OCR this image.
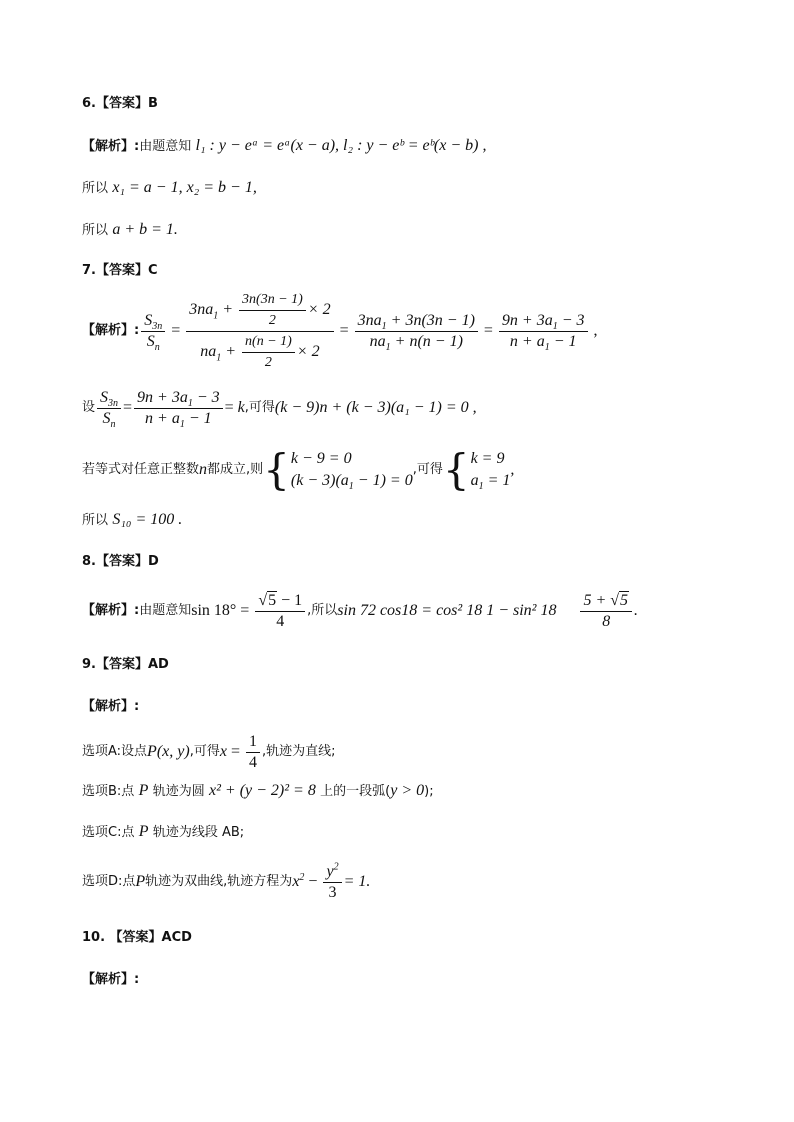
6.【答案】B
【解析】:由题意知 l₁ : y − eᵃ = eᵃ(x − a), l₂ : y − eᵇ = eᵇ(x − b) ,
所以 x₁ = a − 1, x₂ = b − 1,
所以 a + b = 1.
7.【答案】C
【解析】: $\frac{S_{3n}}{S_n} = \frac{3na_1 + \frac{3n(3n - 1)}{2} \times 2}{na_1 + \frac{n(n - 1)}{2} \times 2} = \frac{3na_1 + 3n(3n - 1)}{na_1 + n(n - 1)} = \frac{9n + 3a_1 - 3}{n + a_1 - 1}$ ,
设 $\frac{S_{3n}}{S_n} = \frac{9n + 3a_1 - 3}{n + a_1 - 1} = k$ ,可得 (k − 9)n + (k − 3)(a₁ − 1) = 0 ,
若等式对任意正整数 n 都成立,则 { k − 9 = 0
$(k - 3)(a_1 - 1) = 0$
,可得 { k = 9
$a_1 = 1$
,
所以 S₁₀ = 100 .
8.【答案】D
【解析】: 由题意知 $\sin 18^\circ = \frac{√5 - 1}{4}$ ,所以 sin 72 cos18 = cos² 18 1 − sin² $18 \frac{5 + √5}{8}$ .
9.【答案】AD
【解析】:
选项A:设点 P(x, y) ,可得 $x = \frac{1}{4}$ ,轨迹为直线;
选项B:点 P 轨迹为圆 x² + (y − 2)² = 8 上的一段弧(y > 0);
选项C:点 P 轨迹为线段 AB;
选项D:点 P 轨迹为双曲线,轨迹方程为 $x^2 - \frac{y^2}{3} = 1$.
10. 【答案】ACD
【解析】:
